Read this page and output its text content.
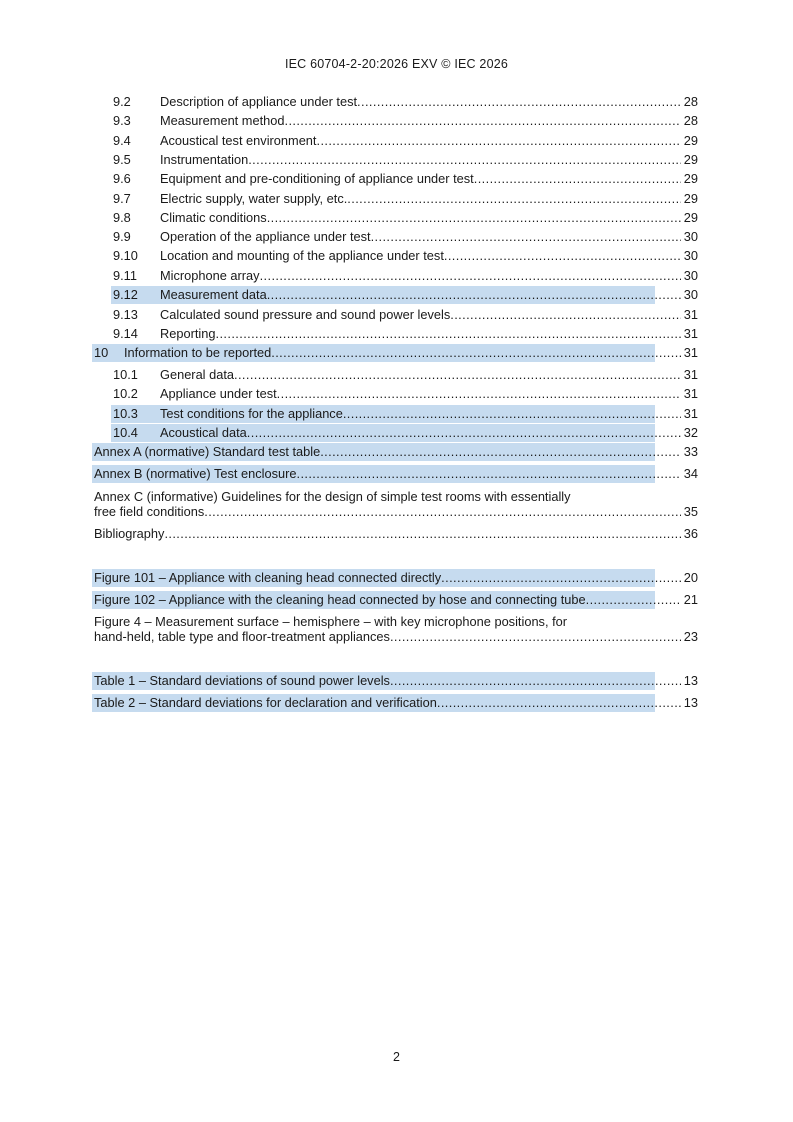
IEC 60704-2-20:2026 EXV © IEC 2026
9.2 Description of appliance under test .....	28
9.3 Measurement method .....	28
9.4 Acoustical test environment .....	29
9.5 Instrumentation .....	29
9.6 Equipment and pre-conditioning of appliance under test .....	29
9.7 Electric supply, water supply, etc. .....	29
9.8 Climatic conditions .....	29
9.9 Operation of the appliance under test .....	30
9.10 Location and mounting of the appliance under test .....	30
9.11 Microphone array .....	30
9.12 Measurement data .....	30
9.13 Calculated sound pressure and sound power levels .....	31
9.14 Reporting .....	31
10 Information to be reported .....	31
10.1 General data .....	31
10.2 Appliance under test .....	31
10.3 Test conditions for the appliance .....	31
10.4 Acoustical data .....	32
Annex A (normative) Standard test table .....	33
Annex B (normative) Test enclosure .....	34
Annex C (informative) Guidelines for the design of simple test rooms with essentially
free field conditions .....	35
Bibliography .....	36
Figure 101 – Appliance with cleaning head connected directly .....	20
Figure 102 – Appliance with the cleaning head connected by hose and connecting tube .....	21
Figure 4 – Measurement surface – hemisphere – with key microphone positions, for
hand-held, table type and floor-treatment appliances .....	23
Table 1 – Standard deviations of sound power levels .....	13
Table 2 – Standard deviations for declaration and verification .....	13
2
